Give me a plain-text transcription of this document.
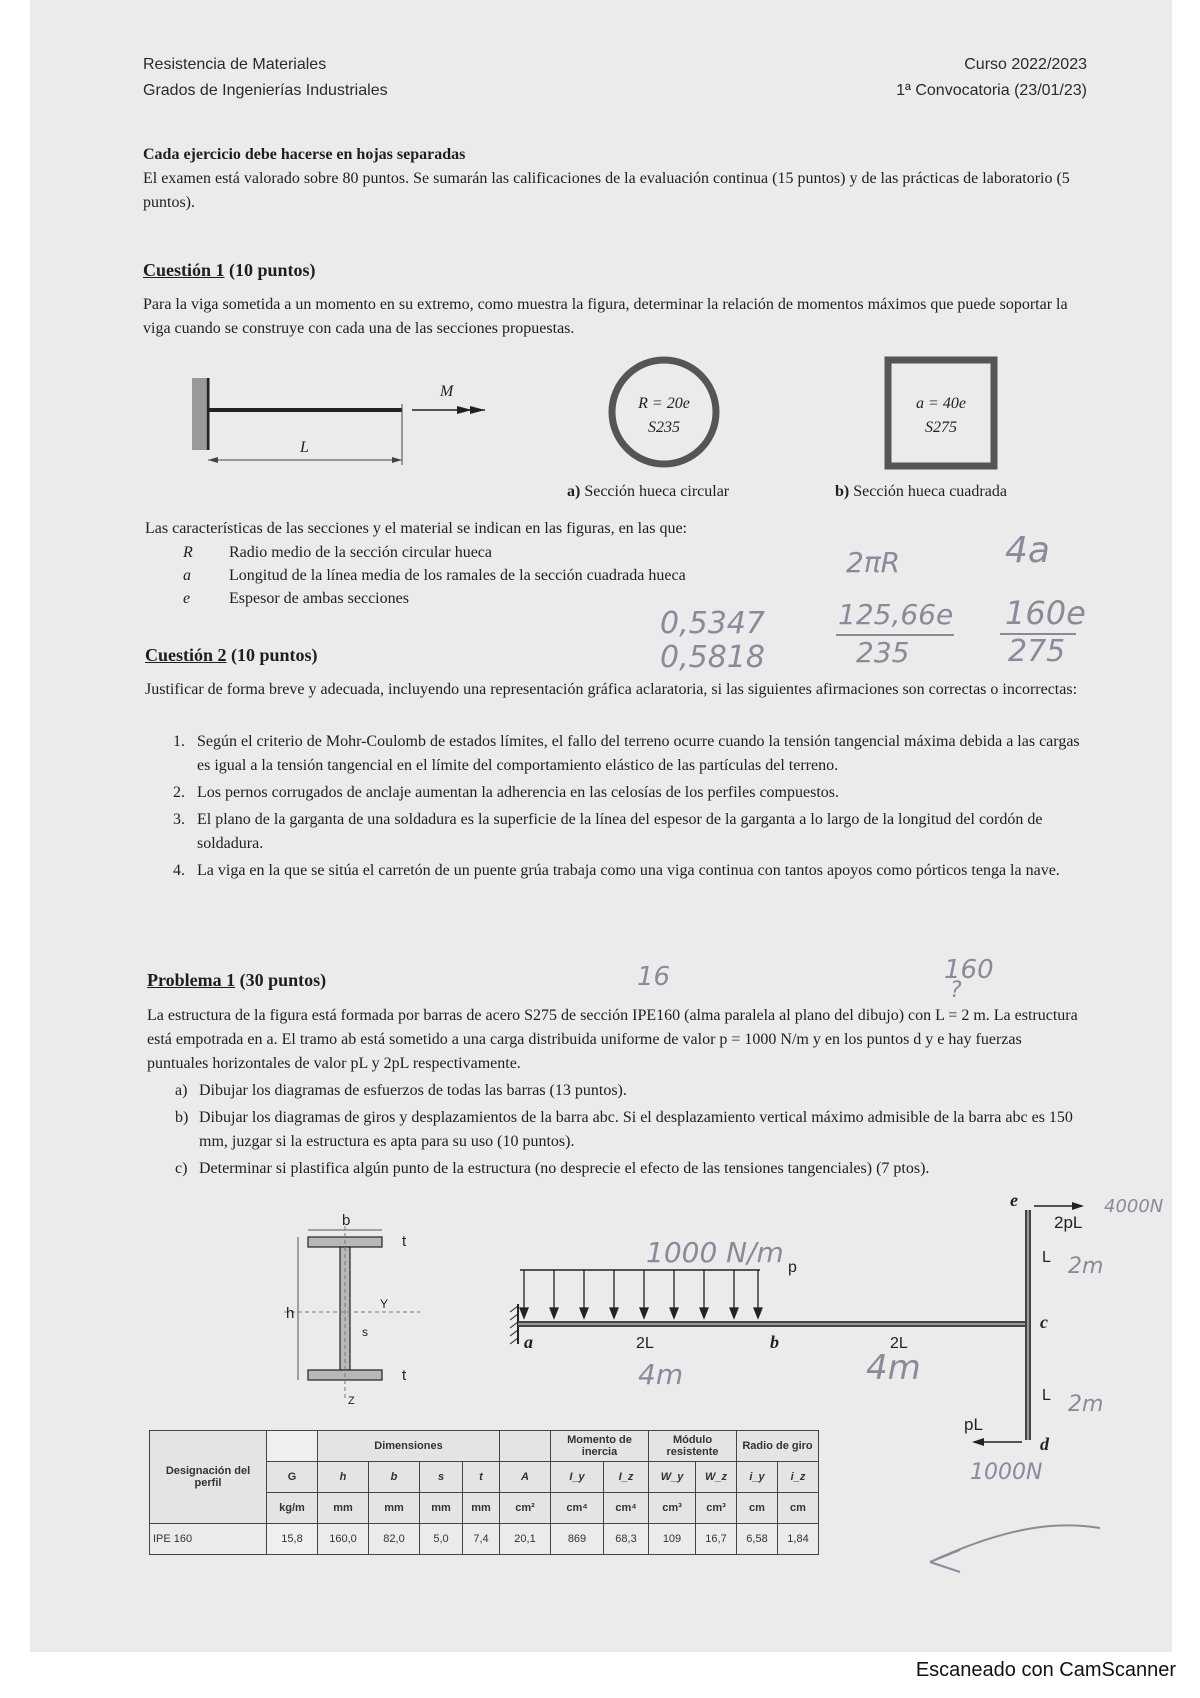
Resistencia de Materiales
Grados de Ingenierías Industriales
Curso 2022/2023
1ª Convocatoria (23/01/23)
Cada ejercicio debe hacerse en hojas separadas
El examen está valorado sobre 80 puntos. Se sumarán las calificaciones de la evaluación continua (15 puntos) y de las prácticas de laboratorio (5 puntos).
Cuestión 1 (10 puntos)
Para la viga sometida a un momento en su extremo, como muestra la figura, determinar la relación de momentos máximos que puede soportar la viga cuando se construye con cada una de las secciones propuestas.
M
L
R = 20e
S235
a = 40e
S275
a) Sección hueca circular	b) Sección hueca cuadrada
Las características de las secciones y el material se indican en las figuras, en las que:
R Radio medio de la sección circular hueca
a Longitud de la línea media de los ramales de la sección cuadrada hueca
e Espesor de ambas secciones
2πR	4a
0,5347
0,5818
125,66e
235
160e
275
Cuestión 2 (10 puntos)
Justificar de forma breve y adecuada, incluyendo una representación gráfica aclaratoria, si las siguientes afirmaciones son correctas o incorrectas:
1. Según el criterio de Mohr-Coulomb de estados límites, el fallo del terreno ocurre cuando la tensión tangencial máxima debida a las cargas es igual a la tensión tangencial en el límite del comportamiento elástico de las partículas del terreno.
2. Los pernos corrugados de anclaje aumentan la adherencia en las celosías de los perfiles compuestos.
3. El plano de la garganta de una soldadura es la superficie de la línea del espesor de la garganta a lo largo de la longitud del cordón de soldadura.
4. La viga en la que se sitúa el carretón de un puente grúa trabaja como una viga continua con tantos apoyos como pórticos tenga la nave.
160
?
16
Problema 1 (30 puntos)
La estructura de la figura está formada por barras de acero S275 de sección IPE160 (alma paralela al plano del dibujo) con L = 2 m. La estructura está empotrada en a. El tramo ab está sometido a una carga distribuida uniforme de valor p = 1000 N/m y en los puntos d y e hay fuerzas puntuales horizontales de valor pL y 2pL respectivamente.
a) Dibujar los diagramas de esfuerzos de todas las barras (13 puntos).
b) Dibujar los diagramas de giros y desplazamientos de la barra abc. Si el desplazamiento vertical máximo admisible de la barra abc es 150 mm, juzgar si la estructura es apta para su uso (10 puntos).
c) Determinar si plastifica algún punto de la estructura (no desprecie el efecto de las tensiones tangenciales) (7 ptos).
b
t
h
Y
s
t
Z
p
a	2L	b	2L
c
d
e
L
L
2pL
pL
1000 N/m
4m	4m
2m
2m
1000N
4000N
Designación del perfil		Dimensiones					Momento de inercia		Módulo resistente		Radio de giro	
	G	h	b	s	t	A	I_y	I_z	W_y	W_z	i_y	i_z
	kg/m	mm	mm	mm	mm	cm²	cm⁴	cm⁴	cm³	cm³	cm	cm
IPE 160	15,8	160,0	82,0	5,0	7,4	20,1	869	68,3	109	16,7	6,58	1,84
Escaneado con CamScanner
